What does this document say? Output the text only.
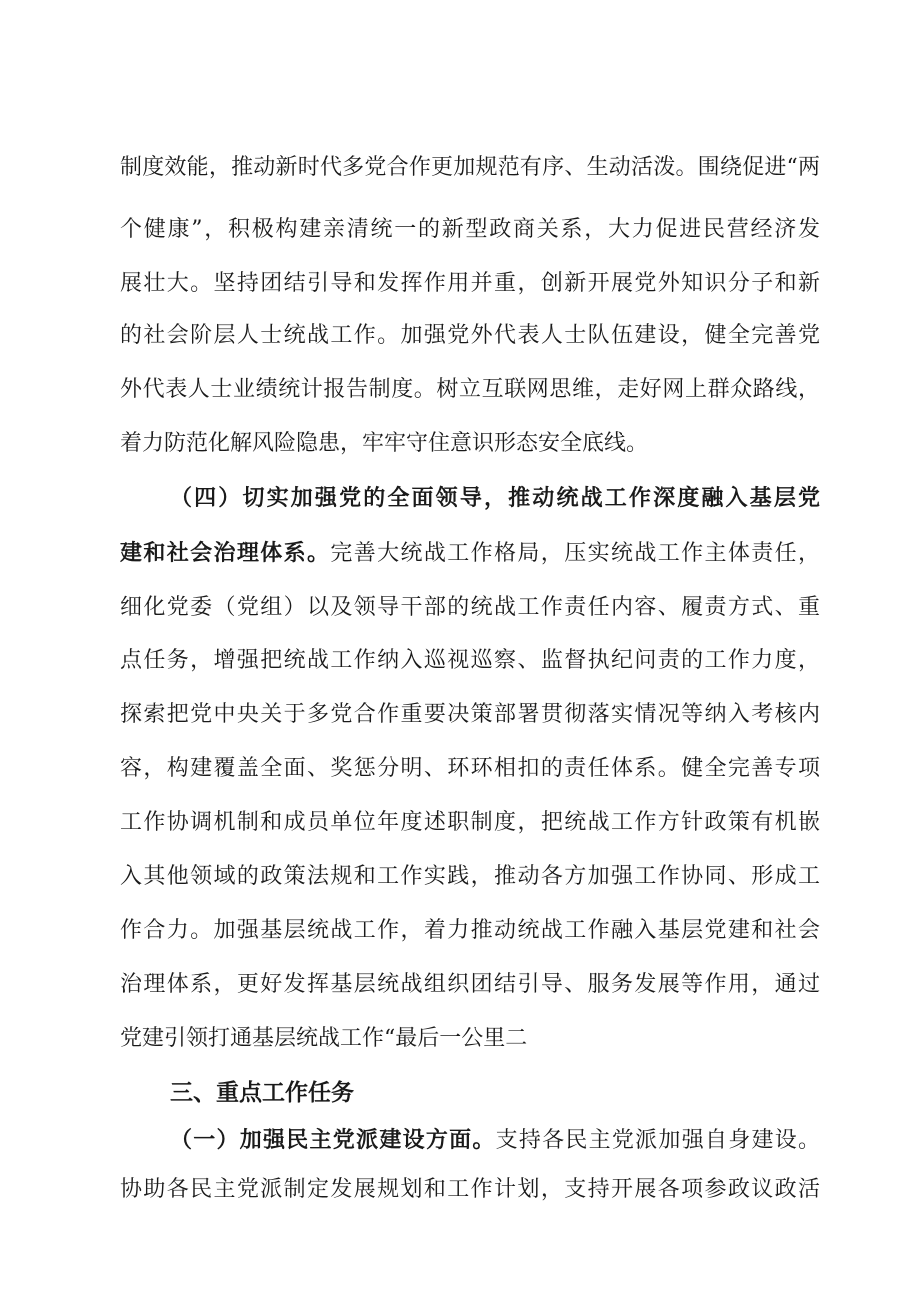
制度效能，推动新时代多党合作更加规范有序、生动活泼。围绕促进“两
个健康”，积极构建亲清统一的新型政商关系，大力促进民营经济发
展壮大。坚持团结引导和发挥作用并重，创新开展党外知识分子和新
的社会阶层人士统战工作。加强党外代表人士队伍建设，健全完善党
外代表人士业绩统计报告制度。树立互联网思维，走好网上群众路线，
着力防范化解风险隐患，牢牢守住意识形态安全底线。
（四）切实加强党的全面领导，推动统战工作深度融入基层党
建和社会治理体系。完善大统战工作格局，压实统战工作主体责任，
细化党委（党组）以及领导干部的统战工作责任内容、履责方式、重
点任务，增强把统战工作纳入巡视巡察、监督执纪问责的工作力度，
探索把党中央关于多党合作重要决策部署贯彻落实情况等纳入考核内
容，构建覆盖全面、奖惩分明、环环相扣的责任体系。健全完善专项
工作协调机制和成员单位年度述职制度，把统战工作方针政策有机嵌
入其他领域的政策法规和工作实践，推动各方加强工作协同、形成工
作合力。加强基层统战工作，着力推动统战工作融入基层党建和社会
治理体系，更好发挥基层统战组织团结引导、服务发展等作用，通过
党建引领打通基层统战工作“最后一公里二
三、重点工作任务
（一）加强民主党派建设方面。支持各民主党派加强自身建设。
协助各民主党派制定发展规划和工作计划，支持开展各项参政议政活
